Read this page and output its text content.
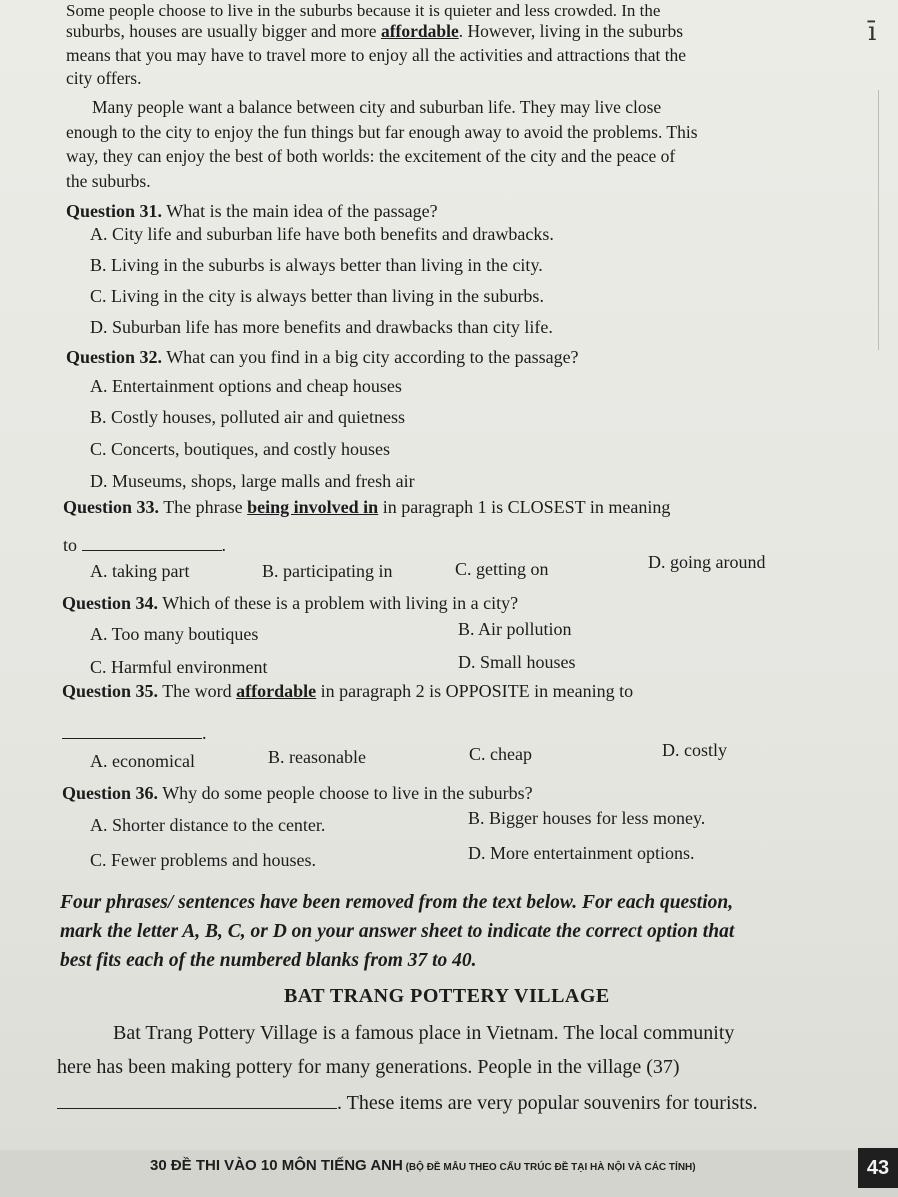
Some people choose to live in the suburbs because it is quieter and less crowded. In the
suburbs, houses are usually bigger and more affordable. However, living in the suburbs
means that you may have to travel more to enjoy all the activities and attractions that the
city offers.
Many people want a balance between city and suburban life. They may live close
enough to the city to enjoy the fun things but far enough away to avoid the problems. This
way, they can enjoy the best of both worlds: the excitement of the city and the peace of
the suburbs.
Question 31. What is the main idea of the passage?
A. City life and suburban life have both benefits and drawbacks.
B. Living in the suburbs is always better than living in the city.
C. Living in the city is always better than living in the suburbs.
D. Suburban life has more benefits and drawbacks than city life.
Question 32. What can you find in a big city according to the passage?
A. Entertainment options and cheap houses
B. Costly houses, polluted air and quietness
C. Concerts, boutiques, and costly houses
D. Museums, shops, large malls and fresh air
Question 33. The phrase being involved in in paragraph 1 is CLOSEST in meaning
to	.
A. taking part	B. participating in	C. getting on	D. going around
Question 34. Which of these is a problem with living in a city?
A. Too many boutiques	B. Air pollution
C. Harmful environment	D. Small houses
Question 35. The word affordable in paragraph 2 is OPPOSITE in meaning to
.
A. economical	B. reasonable	C. cheap	D. costly
Question 36. Why do some people choose to live in the suburbs?
A. Shorter distance to the center.	B. Bigger houses for less money.
C. Fewer problems and houses.	D. More entertainment options.
Four phrases/ sentences have been removed from the text below. For each question,
mark the letter A, B, C, or D on your answer sheet to indicate the correct option that
best fits each of the numbered blanks from 37 to 40.
BAT TRANG POTTERY VILLAGE
Bat Trang Pottery Village is a famous place in Vietnam. The local community
here has been making pottery for many generations. People in the village (37)
. These items are very popular souvenirs for tourists.
ī
30 ĐỀ THI VÀO 10 MÔN TIẾNG ANH (BỘ ĐỀ MẪU THEO CẤU TRÚC ĐỀ TẠI HÀ NỘI VÀ CÁC TỈNH)	43
